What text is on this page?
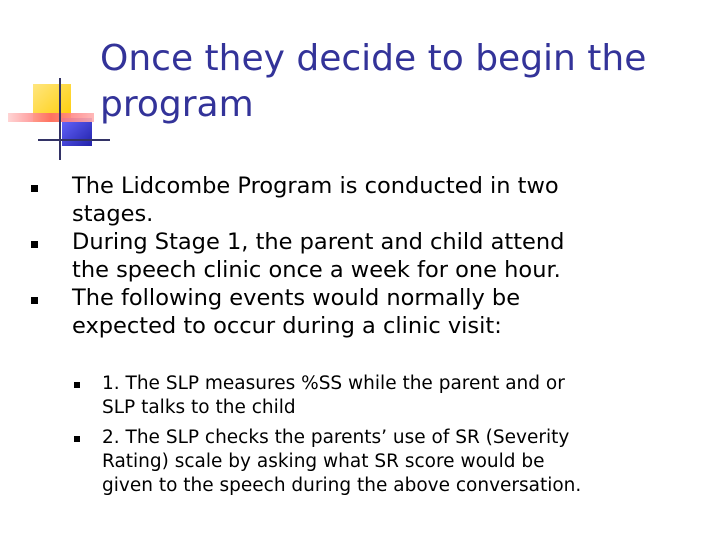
Once they decide to begin the
program
The Lidcombe Program is conducted in two
stages.
During Stage 1, the parent and child attend
the speech clinic once a week for one hour.
The following events would normally be
expected to occur during a clinic visit:
1. The SLP measures %SS while the parent and or
SLP talks to the child
2. The SLP checks the parents’ use of SR (Severity
Rating) scale by asking what SR score would be
given to the speech during the above conversation.
